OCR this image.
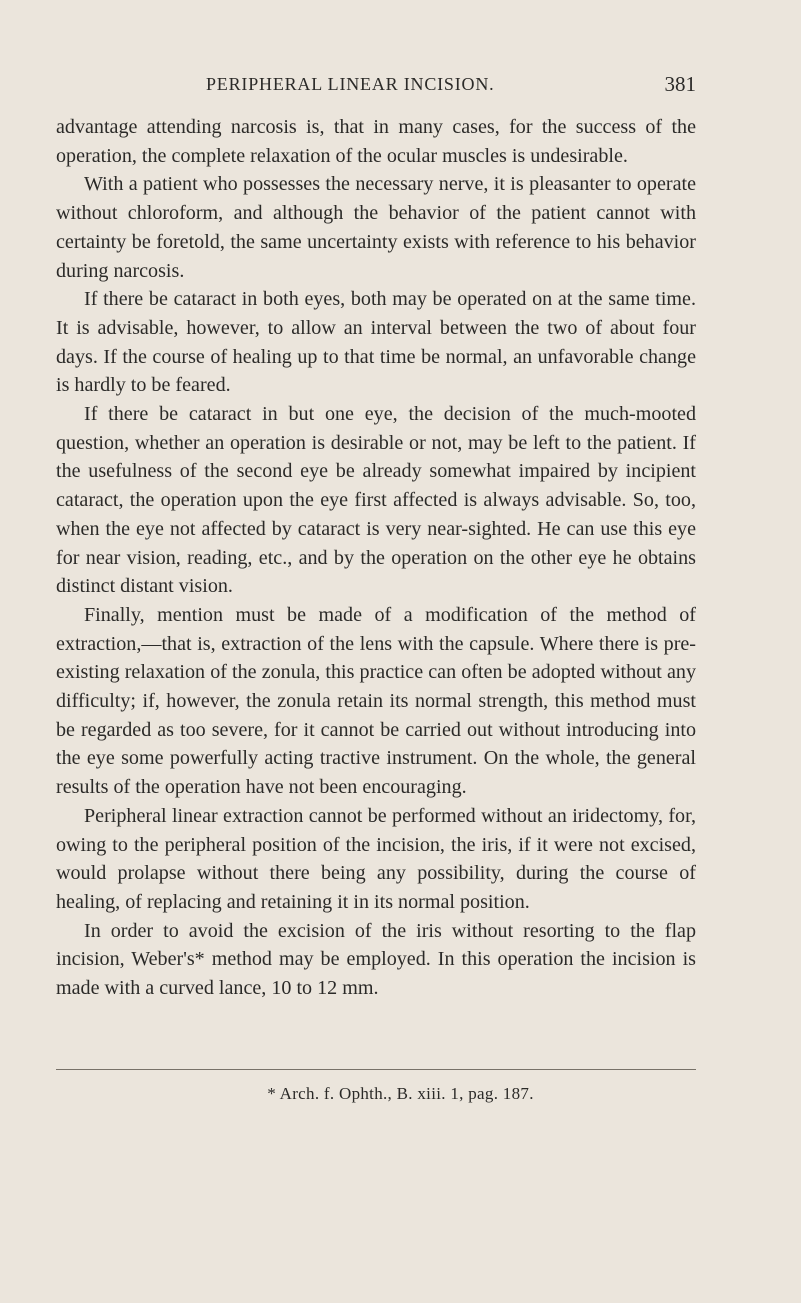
PERIPHERAL LINEAR INCISION.	381

advantage attending narcosis is, that in many cases, for the success of the operation, the complete relaxation of the ocular muscles is undesirable.

With a patient who possesses the necessary nerve, it is pleasanter to operate without chloroform, and although the behavior of the patient cannot with certainty be foretold, the same uncertainty exists with reference to his behavior during narcosis.

If there be cataract in both eyes, both may be operated on at the same time. It is advisable, however, to allow an interval between the two of about four days. If the course of healing up to that time be normal, an unfavorable change is hardly to be feared.

If there be cataract in but one eye, the decision of the much-mooted question, whether an operation is desirable or not, may be left to the patient. If the usefulness of the second eye be already somewhat impaired by incipient cataract, the operation upon the eye first affected is always advisable. So, too, when the eye not affected by cataract is very near-sighted. He can use this eye for near vision, reading, etc., and by the operation on the other eye he obtains distinct distant vision.

Finally, mention must be made of a modification of the method of extraction,—that is, extraction of the lens with the capsule. Where there is pre-existing relaxation of the zonula, this practice can often be adopted without any difficulty; if, however, the zonula retain its normal strength, this method must be regarded as too severe, for it cannot be carried out without introducing into the eye some powerfully acting tractive instrument. On the whole, the general results of the operation have not been encouraging.

Peripheral linear extraction cannot be performed without an iridectomy, for, owing to the peripheral position of the incision, the iris, if it were not excised, would prolapse without there being any possibility, during the course of healing, of replacing and retaining it in its normal position.

In order to avoid the excision of the iris without resorting to the flap incision, Weber's* method may be employed. In this operation the incision is made with a curved lance, 10 to 12 mm.

* Arch. f. Ophth., B. xiii. 1, pag. 187.
